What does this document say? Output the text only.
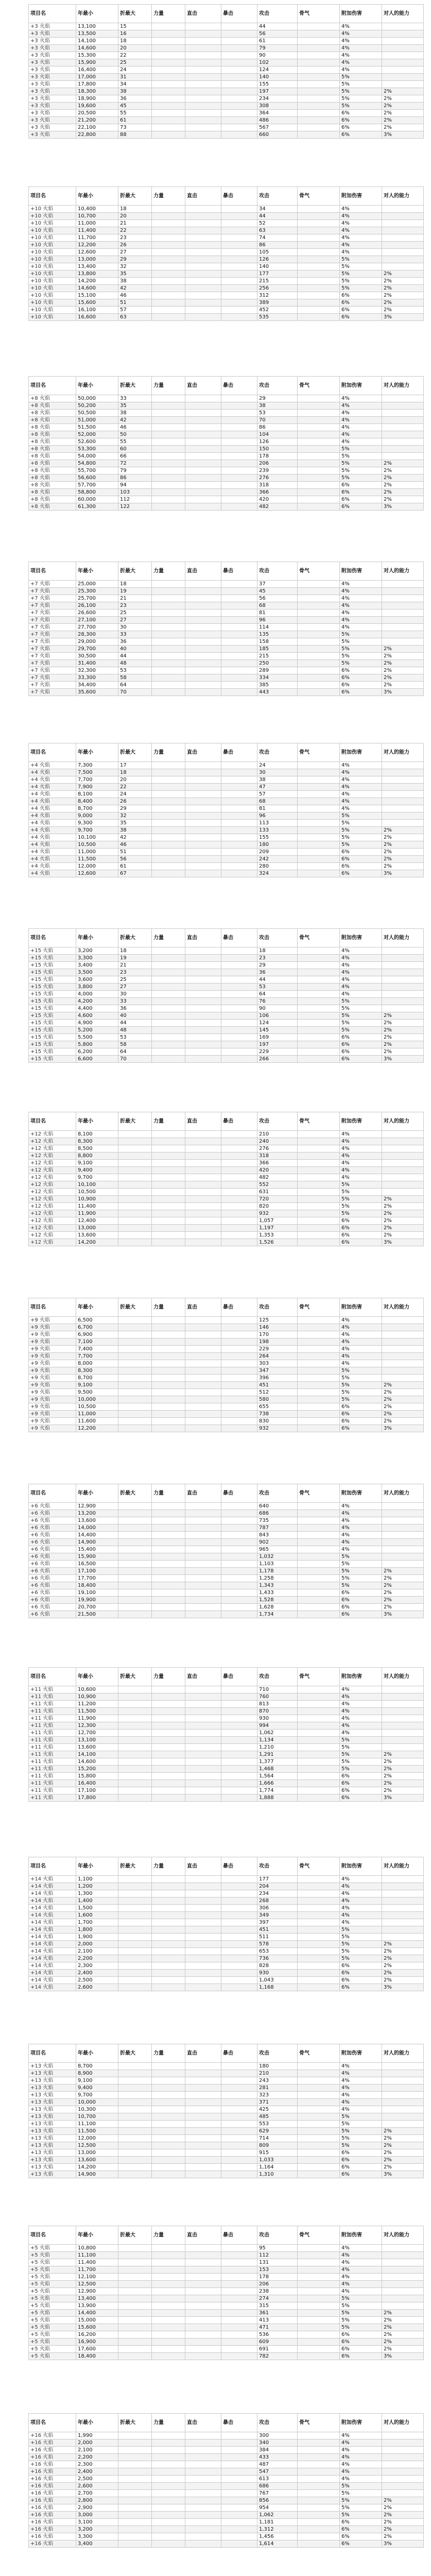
项目名	年最小	折最大	力量	直击	暴击	攻击	骨气	附加伤害	对人的能力
+3 火焰	13,100	15				44		4%	
+3 火焰	13,500	16				56		4%	
+3 火焰	14,100	18				61		4%	
+3 火焰	14,600	20				79		4%	
+3 火焰	15,300	22				90		4%	
+3 火焰	15,900	25				102		4%	
+3 火焰	16,400	24				124		4%	
+3 火焰	17,000	31				140		5%	
+3 火焰	17,800	34				155		5%	
+3 火焰	18,300	38				197		5%	2%
+3 火焰	18,900	36				234		5%	2%
+3 火焰	19,600	45				308		5%	2%
+3 火焰	20,500	55				364		6%	2%
+3 火焰	21,200	61				486		6%	2%
+3 火焰	22,100	73				567		6%	2%
+3 火焰	22,800	88				660		6%	3%
项目名	年最小	折最大	力量	直击	暴击	攻击	骨气	附加伤害	对人的能力
+10 火焰	10,400	18				34		4%	
+10 火焰	10,700	20				44		4%	
+10 火焰	11,000	21				52		4%	
+10 火焰	11,400	22				63		4%	
+10 火焰	11,700	23				74		4%	
+10 火焰	12,200	26				86		4%	
+10 火焰	12,600	27				105		4%	
+10 火焰	13,000	29				126		5%	
+10 火焰	13,400	32				140		5%	
+10 火焰	13,800	35				177		5%	2%
+10 火焰	14,200	38				215		5%	2%
+10 火焰	14,600	42				256		5%	2%
+10 火焰	15,100	46				312		6%	2%
+10 火焰	15,600	51				389		6%	2%
+10 火焰	16,100	57				452		6%	2%
+10 火焰	16,600	63				535		6%	3%
项目名	年最小	折最大	力量	直击	暴击	攻击	骨气	附加伤害	对人的能力
+8 火焰	50,000	33				29		4%	
+8 火焰	50,200	35				38		4%	
+8 火焰	50,500	38				53		4%	
+8 火焰	51,000	42				70		4%	
+8 火焰	51,500	46				86		4%	
+8 火焰	52,000	50				104		4%	
+8 火焰	52,600	55				126		4%	
+8 火焰	53,300	60				150		5%	
+8 火焰	54,000	66				178		5%	
+8 火焰	54,800	72				206		5%	2%
+8 火焰	55,700	79				239		5%	2%
+8 火焰	56,600	86				276		5%	2%
+8 火焰	57,700	94				318		6%	2%
+8 火焰	58,800	103				366		6%	2%
+8 火焰	60,000	112				420		6%	2%
+8 火焰	61,300	122				482		6%	3%
项目名	年最小	折最大	力量	直击	暴击	攻击	骨气	附加伤害	对人的能力
+7 火焰	25,000	18				37		4%	
+7 火焰	25,300	19				45		4%	
+7 火焰	25,700	21				56		4%	
+7 火焰	26,100	23				68		4%	
+7 火焰	26,600	25				81		4%	
+7 火焰	27,100	27				96		4%	
+7 火焰	27,700	30				114		4%	
+7 火焰	28,300	33				135		5%	
+7 火焰	29,000	36				158		5%	
+7 火焰	29,700	40				185		5%	2%
+7 火焰	30,500	44				215		5%	2%
+7 火焰	31,400	48				250		5%	2%
+7 火焰	32,300	53				289		6%	2%
+7 火焰	33,300	58				334		6%	2%
+7 火焰	34,400	64				385		6%	2%
+7 火焰	35,600	70				443		6%	3%
项目名	年最小	折最大	力量	直击	暴击	攻击	骨气	附加伤害	对人的能力
+4 火焰	7,300	17				24		4%	
+4 火焰	7,500	18				30		4%	
+4 火焰	7,700	20				38		4%	
+4 火焰	7,900	22				47		4%	
+4 火焰	8,100	24				57		4%	
+4 火焰	8,400	26				68		4%	
+4 火焰	8,700	29				81		4%	
+4 火焰	9,000	32				96		5%	
+4 火焰	9,300	35				113		5%	
+4 火焰	9,700	38				133		5%	2%
+4 火焰	10,100	42				155		5%	2%
+4 火焰	10,500	46				180		5%	2%
+4 火焰	11,000	51				209		6%	2%
+4 火焰	11,500	56				242		6%	2%
+4 火焰	12,000	61				280		6%	2%
+4 火焰	12,600	67				324		6%	3%
项目名	年最小	折最大	力量	直击	暴击	攻击	骨气	附加伤害	对人的能力
+15 火焰	3,200	18				18		4%	
+15 火焰	3,300	19				23		4%	
+15 火焰	3,400	21				29		4%	
+15 火焰	3,500	23				36		4%	
+15 火焰	3,600	25				44		4%	
+15 火焰	3,800	27				53		4%	
+15 火焰	4,000	30				64		4%	
+15 火焰	4,200	33				76		5%	
+15 火焰	4,400	36				90		5%	
+15 火焰	4,600	40				106		5%	2%
+15 火焰	4,900	44				124		5%	2%
+15 火焰	5,200	48				145		5%	2%
+15 火焰	5,500	53				169		6%	2%
+15 火焰	5,800	58				197		6%	2%
+15 火焰	6,200	64				229		6%	2%
+15 火焰	6,600	70				266		6%	3%
项目名	年最小	折最大	力量	直击	暴击	攻击	骨气	附加伤害	对人的能力
+12 火焰	8,100					210		4%	
+12 火焰	8,300					240		4%	
+12 火焰	8,500					276		4%	
+12 火焰	8,800					318		4%	
+12 火焰	9,100					366		4%	
+12 火焰	9,400					420		4%	
+12 火焰	9,700					482		4%	
+12 火焰	10,100					552		5%	
+12 火焰	10,500					631		5%	
+12 火焰	10,900					720		5%	2%
+12 火焰	11,400					820		5%	2%
+12 火焰	11,900					932		5%	2%
+12 火焰	12,400					1,057		6%	2%
+12 火焰	13,000					1,197		6%	2%
+12 火焰	13,600					1,353		6%	2%
+12 火焰	14,200					1,526		6%	3%
项目名	年最小	折最大	力量	直击	暴击	攻击	骨气	附加伤害	对人的能力
+9 火焰	6,500					125		4%	
+9 火焰	6,700					146		4%	
+9 火焰	6,900					170		4%	
+9 火焰	7,100					198		4%	
+9 火焰	7,400					229		4%	
+9 火焰	7,700					264		4%	
+9 火焰	8,000					303		4%	
+9 火焰	8,300					347		5%	
+9 火焰	8,700					396		5%	
+9 火焰	9,100					451		5%	2%
+9 火焰	9,500					512		5%	2%
+9 火焰	10,000					580		5%	2%
+9 火焰	10,500					655		6%	2%
+9 火焰	11,000					738		6%	2%
+9 火焰	11,600					830		6%	2%
+9 火焰	12,200					932		6%	3%
项目名	年最小	折最大	力量	直击	暴击	攻击	骨气	附加伤害	对人的能力
+6 火焰	12,900					640		4%	
+6 火焰	13,200					686		4%	
+6 火焰	13,600					735		4%	
+6 火焰	14,000					787		4%	
+6 火焰	14,400					843		4%	
+6 火焰	14,900					902		4%	
+6 火焰	15,400					965		4%	
+6 火焰	15,900					1,032		5%	
+6 火焰	16,500					1,103		5%	
+6 火焰	17,100					1,178		5%	2%
+6 火焰	17,700					1,258		5%	2%
+6 火焰	18,400					1,343		5%	2%
+6 火焰	19,100					1,433		6%	2%
+6 火焰	19,900					1,528		6%	2%
+6 火焰	20,700					1,628		6%	2%
+6 火焰	21,500					1,734		6%	3%
项目名	年最小	折最大	力量	直击	暴击	攻击	骨气	附加伤害	对人的能力
+11 火焰	10,600					710		4%	
+11 火焰	10,900					760		4%	
+11 火焰	11,200					813		4%	
+11 火焰	11,500					870		4%	
+11 火焰	11,900					930		4%	
+11 火焰	12,300					994		4%	
+11 火焰	12,700					1,062		4%	
+11 火焰	13,100					1,134		5%	
+11 火焰	13,600					1,210		5%	
+11 火焰	14,100					1,291		5%	2%
+11 火焰	14,600					1,377		5%	2%
+11 火焰	15,200					1,468		5%	2%
+11 火焰	15,800					1,564		6%	2%
+11 火焰	16,400					1,666		6%	2%
+11 火焰	17,100					1,774		6%	2%
+11 火焰	17,800					1,888		6%	3%
项目名	年最小	折最大	力量	直击	暴击	攻击	骨气	附加伤害	对人的能力
+14 火焰	1,100					177		4%	
+14 火焰	1,200					204		4%	
+14 火焰	1,300					234		4%	
+14 火焰	1,400					268		4%	
+14 火焰	1,500					306		4%	
+14 火焰	1,600					349		4%	
+14 火焰	1,700					397		4%	
+14 火焰	1,800					451		5%	
+14 火焰	1,900					511		5%	
+14 火焰	2,000					578		5%	2%
+14 火焰	2,100					653		5%	2%
+14 火焰	2,200					736		5%	2%
+14 火焰	2,300					828		6%	2%
+14 火焰	2,400					930		6%	2%
+14 火焰	2,500					1,043		6%	2%
+14 火焰	2,600					1,168		6%	3%
项目名	年最小	折最大	力量	直击	暴击	攻击	骨气	附加伤害	对人的能力
+13 火焰	8,700					180		4%	
+13 火焰	8,900					210		4%	
+13 火焰	9,100					243		4%	
+13 火焰	9,400					281		4%	
+13 火焰	9,700					323		4%	
+13 火焰	10,000					371		4%	
+13 火焰	10,300					425		4%	
+13 火焰	10,700					485		5%	
+13 火焰	11,100					553		5%	
+13 火焰	11,500					629		5%	2%
+13 火焰	12,000					714		5%	2%
+13 火焰	12,500					809		5%	2%
+13 火焰	13,000					915		6%	2%
+13 火焰	13,600					1,033		6%	2%
+13 火焰	14,200					1,164		6%	2%
+13 火焰	14,900					1,310		6%	3%
项目名	年最小	折最大	力量	直击	暴击	攻击	骨气	附加伤害	对人的能力
+5 火焰	10,800					95		4%	
+5 火焰	11,100					112		4%	
+5 火焰	11,400					131		4%	
+5 火焰	11,700					153		4%	
+5 火焰	12,100					178		4%	
+5 火焰	12,500					206		4%	
+5 火焰	12,900					238		4%	
+5 火焰	13,400					274		5%	
+5 火焰	13,900					315		5%	
+5 火焰	14,400					361		5%	2%
+5 火焰	15,000					413		5%	2%
+5 火焰	15,600					471		5%	2%
+5 火焰	16,200					536		6%	2%
+5 火焰	16,900					609		6%	2%
+5 火焰	17,600					691		6%	2%
+5 火焰	18,400					782		6%	3%
项目名	年最小	折最大	力量	直击	暴击	攻击	骨气	附加伤害	对人的能力
+16 火焰	1,990					300		4%	
+16 火焰	2,000					340		4%	
+16 火焰	2,100					384		4%	
+16 火焰	2,200					433		4%	
+16 火焰	2,300					487		4%	
+16 火焰	2,400					547		4%	
+16 火焰	2,500					613		4%	
+16 火焰	2,600					686		5%	
+16 火焰	2,700					767		5%	
+16 火焰	2,800					856		5%	2%
+16 火焰	2,900					954		5%	2%
+16 火焰	3,000					1,062		5%	2%
+16 火焰	3,100					1,181		6%	2%
+16 火焰	3,200					1,312		6%	2%
+16 火焰	3,300					1,456		6%	2%
+16 火焰	3,400					1,614		6%	3%
